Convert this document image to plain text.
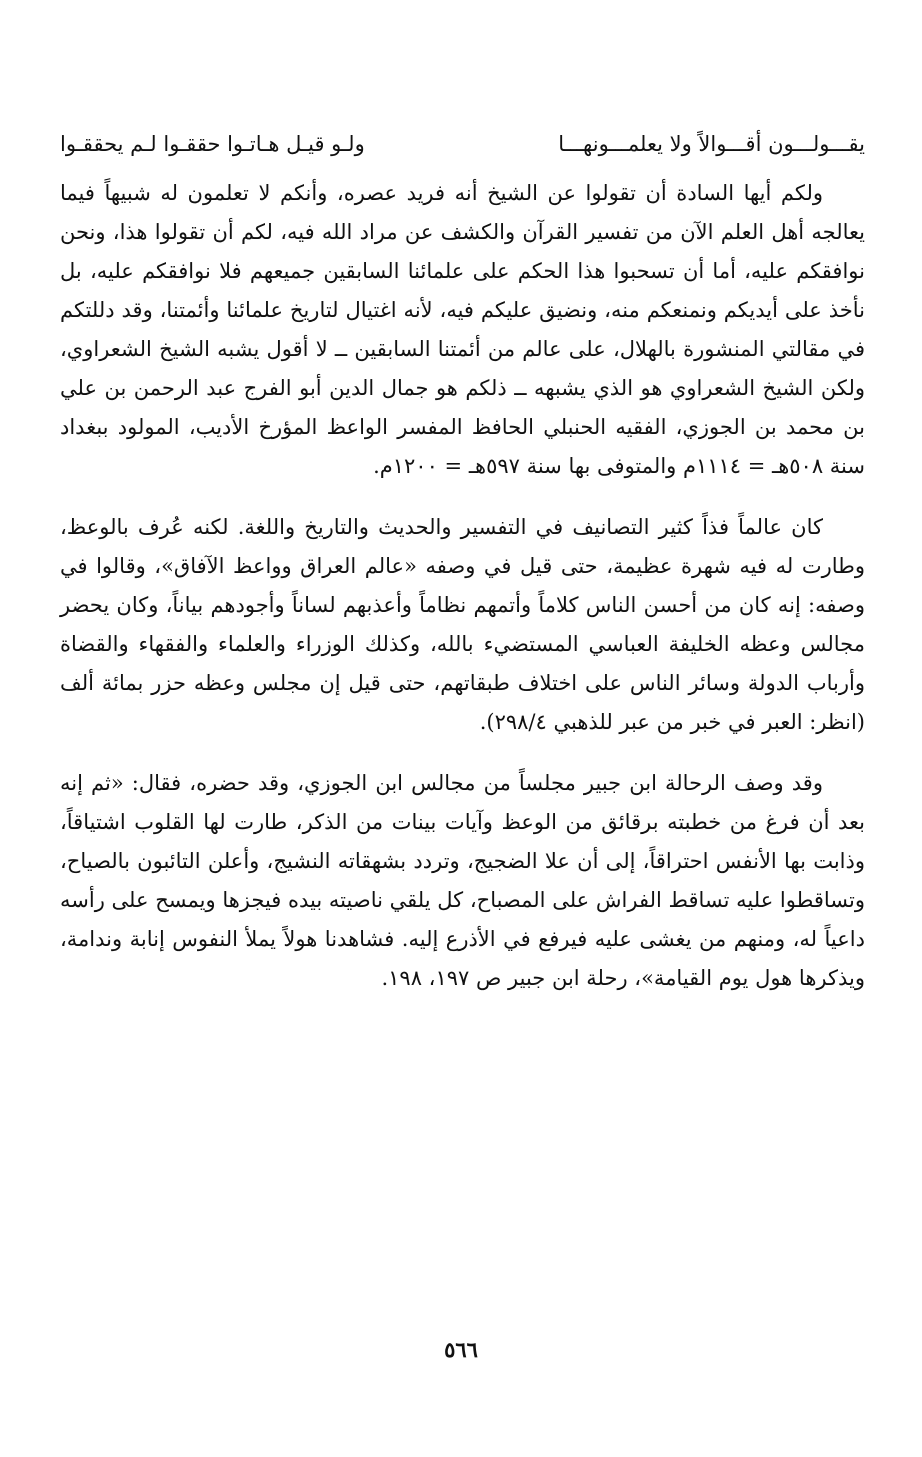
يقـــولـــون أقـــوالاً ولا يعلمـــونهـــا
ولـو قيـل هـاتـوا حققـوا لـم يحققـوا

ولكم أيها السادة أن تقولوا عن الشيخ أنه فريد عصره، وأنكم لا تعلمون له شبيهاً فيما يعالجه أهل العلم الآن من تفسير القرآن والكشف عن مراد الله فيه، لكم أن تقولوا هذا، ونحن نوافقكم عليه، أما أن تسحبوا هذا الحكم على علمائنا السابقين جميعهم فلا نوافقكم عليه، بل نأخذ على أيديكم ونمنعكم منه، ونضيق عليكم فيه، لأنه اغتيال لتاريخ علمائنا وأئمتنا، وقد دللتكم في مقالتي المنشورة بالهلال، على عالم من أئمتنا السابقين ــ لا أقول يشبه الشيخ الشعراوي، ولكن الشيخ الشعراوي هو الذي يشبهه ــ ذلكم هو جمال الدين أبو الفرج عبد الرحمن بن علي بن محمد بن الجوزي، الفقيه الحنبلي الحافظ المفسر الواعظ المؤرخ الأديب، المولود ببغداد سنة ٥٠٨هـ = ١١١٤م والمتوفى بها سنة ٥٩٧هـ = ١٢٠٠م.

كان عالماً فذاً كثير التصانيف في التفسير والحديث والتاريخ واللغة. لكنه عُرف بالوعظ، وطارت له فيه شهرة عظيمة، حتى قيل في وصفه «عالم العراق وواعظ الآفاق»، وقالوا في وصفه: إنه كان من أحسن الناس كلاماً وأتمهم نظاماً وأعذبهم لساناً وأجودهم بياناً، وكان يحضر مجالس وعظه الخليفة العباسي المستضيء بالله، وكذلك الوزراء والعلماء والفقهاء والقضاة وأرباب الدولة وسائر الناس على اختلاف طبقاتهم، حتى قيل إن مجلس وعظه حزر بمائة ألف (انظر: العبر في خبر من عبر للذهبي ٢٩٨/٤).

وقد وصف الرحالة ابن جبير مجلساً من مجالس ابن الجوزي، وقد حضره، فقال: «ثم إنه بعد أن فرغ من خطبته برقائق من الوعظ وآيات بينات من الذكر، طارت لها القلوب اشتياقاً، وذابت بها الأنفس احتراقاً، إلى أن علا الضجيج، وتردد بشهقاته النشيج، وأعلن التائبون بالصياح، وتساقطوا عليه تساقط الفراش على المصباح، كل يلقي ناصيته بيده فيجزها ويمسح على رأسه داعياً له، ومنهم من يغشى عليه فيرفع في الأذرع إليه. فشاهدنا هولاً يملأ النفوس إنابة وندامة، ويذكرها هول يوم القيامة»، رحلة ابن جبير ص ١٩٧، ١٩٨.

٥٦٦
